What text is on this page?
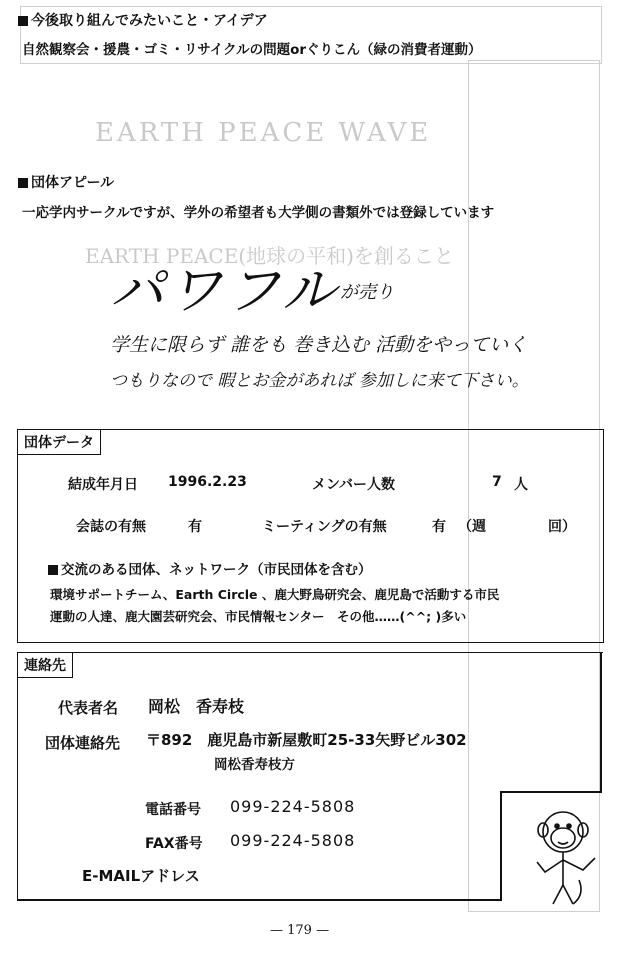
EARTH PEACE WAVE
EARTH PEACE(地球の平和)を創ること
今後取り組んでみたいこと・アイデア
自然観察会・援農・ゴミ・リサイクルの問題orぐりこん（緑の消費者運動）
団体アピール
一応学内サークルですが、学外の希望者も大学側の書類外では登録しています
パワフル が売り
学生に限らず 誰をも 巻き込む 活動をやっていく
つもりなので 暇とお金があれば 参加しに来て下さい。
団体データ
結成年月日 1996.2.23	メンバー人数	7 人
会誌の有無	有	ミーティングの有無	有 （週	回）
交流のある団体、ネットワーク（市民団体を含む）
環境サポートチーム、Earth Circle 、鹿大野鳥研究会、鹿児島で活動する市民
運動の人達、鹿大園芸研究会、市民情報センター　その他……(^^; )多い
連絡先
代表者名 岡松　香寿枝
団体連絡先 〒892　鹿児島市新屋敷町25-33矢野ビル302
岡松香寿枝方
電話番号 099-224-5808
FAX番号 099-224-5808
E-MAILアドレス
— 179 —
